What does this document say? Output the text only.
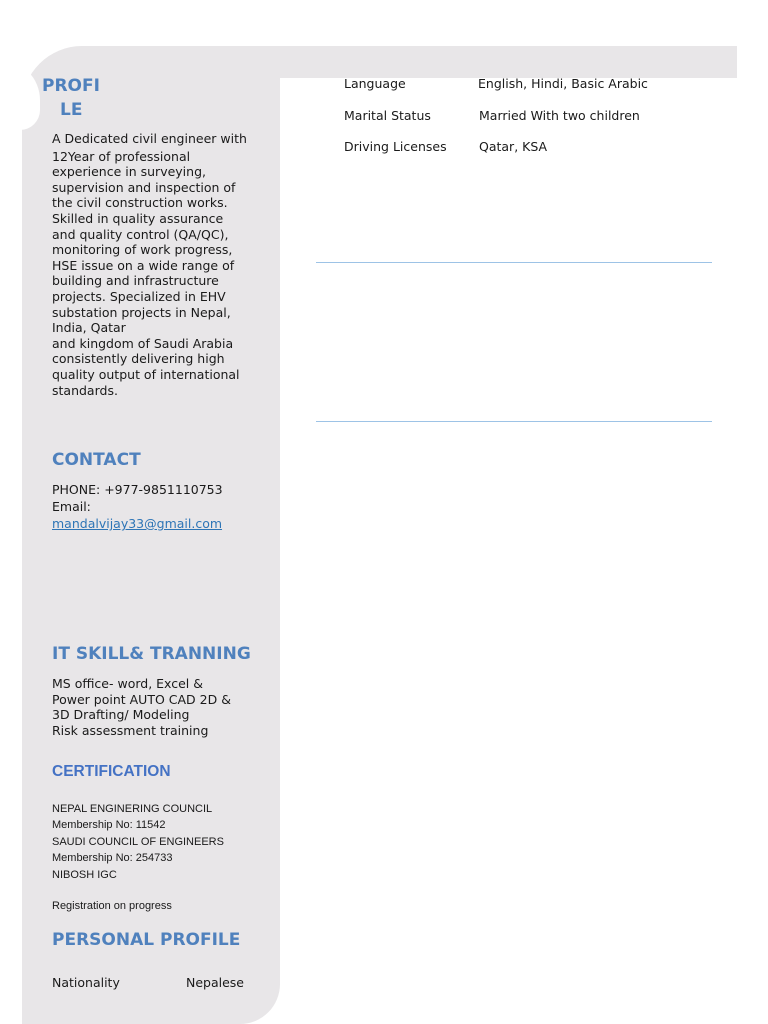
PROFI
LE
A Dedicated civil engineer with
12Year of professional
experience in surveying,
supervision and inspection of
the civil construction works.
Skilled in quality assurance
and quality control (QA/QC),
monitoring of work progress,
HSE issue on a wide range of
building and infrastructure
projects. Specialized in EHV
substation projects in Nepal,
India, Qatar
and kingdom of Saudi Arabia
consistently delivering high
quality output of international
standards.
CONTACT
PHONE: +977-9851110753
Email:
mandalvijay33@gmail.com
IT SKILL& TRANNING
MS office- word, Excel &
Power point AUTO CAD 2D &
3D Drafting/ Modeling
Risk assessment training
CERTIFICATION
NEPAL ENGINERING COUNCIL
Membership No: 11542
SAUDI COUNCIL OF ENGINEERS
Membership No: 254733
NIBOSH IGC
Registration on progress
PERSONAL PROFILE
Nationality	Nepalese
Language	English, Hindi, Basic Arabic
Marital Status	Married With two children
Driving Licenses	Qatar, KSA
